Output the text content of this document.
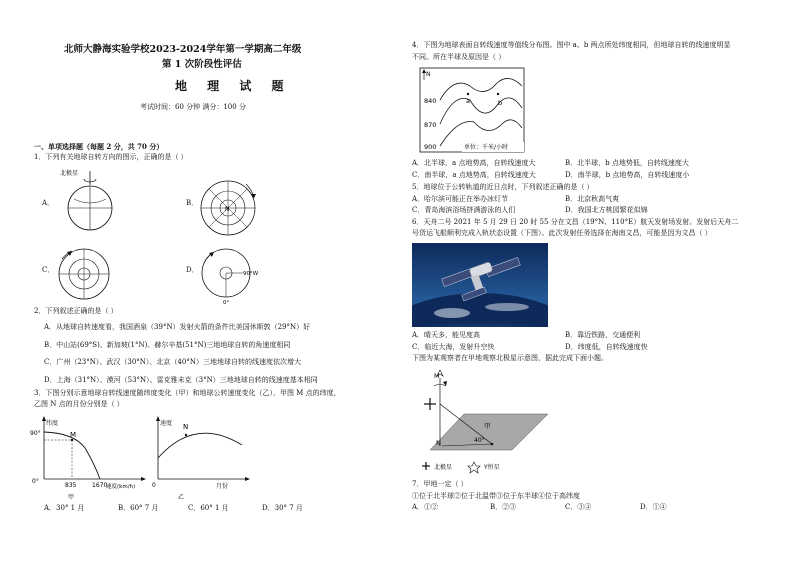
北师大静海实验学校2023-2024学年第一学期高二年级
第 1 次阶段性评估
地 理 试 题
考试时间：60 分钟 满分：100 分
一、单项选择题（每题 2 分，共 70 分）
1．下列有关地球自转方向的图示，正确的是（ ）
A．
北极星
B．
N
C．	D．	90°W
0°
2．下列叙述正确的是（ ）
A．从地球自转速度看，我国酒泉（39°N）发射火箭的条件比美国休斯敦（29°N）好
B．中山站(69°S)、新加坡(1°N)、赫尔辛基(51°N)三地地球自转的角速度相同
C．广州（23°N）、武汉（30°N）、北京（40°N）三地地球自转的线速度依次增大
D．上海（31°N）、漠河（53°N）、雷克雅未克（3°N）三地地球自转的线速度基本相同
3．下图分别示意地球自转线速度随纬度变化（甲）和地球公转速度变化（乙），甲图 M 点的纬度，
乙图 N 点的月份分别是（ ）
纬度
90°
0°
M
835	1670
速度(km/h)
甲
速度
0
N
月份
乙
A．30° 1 月	B．60° 7 月	C．60° 1 月	D．30° 7 月
4．下图为地球表面自转线速度等值线分布图。图中 a、b 两点所处纬度相同，但地球自转的线速度明显
不同。所在半球及原因是（ ）
N
840
870
900
a	b
单位：千米/小时
A．北半球，a 点地势高，自转线速度大	B．北半球，b 点地势低，自转线速度大
C．南半球，a 点地势高，自转线速度大	D．南半球，b 点地势高，自转线速度小
5．地球位于公转轨道的近日点时，下列叙述正确的是（ ）
A．哈尔滨可能正在举办冰灯节	B．北京秋高气爽
C．青岛海滨浴场挤满游泳的人们	D．我国北方桃园繁花似锦
6．天舟二号 2021 年 5 月 29 日 20 时 55 分在文昌（19°N、110°E）航天发射场发射。发射后天舟二
号货运飞船顺利完成入轨状态设置（下图）。此次发射任务选择在海南文昌，可能是因为文昌（ ）
A．晴天多，能见度高	B．靠近铁路，交通便利
C．临近大海，发射升空快	D．纬度低，自转线速度快
下图为某观察者在甲地观察北极星示意图，据此完成下面小题。
M
N
甲
40°
北极星	Y恒星
7．甲地一定（ ）
①位于北半球②位于北温带③位于东半球④位于高纬度
A．①②	B．②③	C．③④	D．①④
